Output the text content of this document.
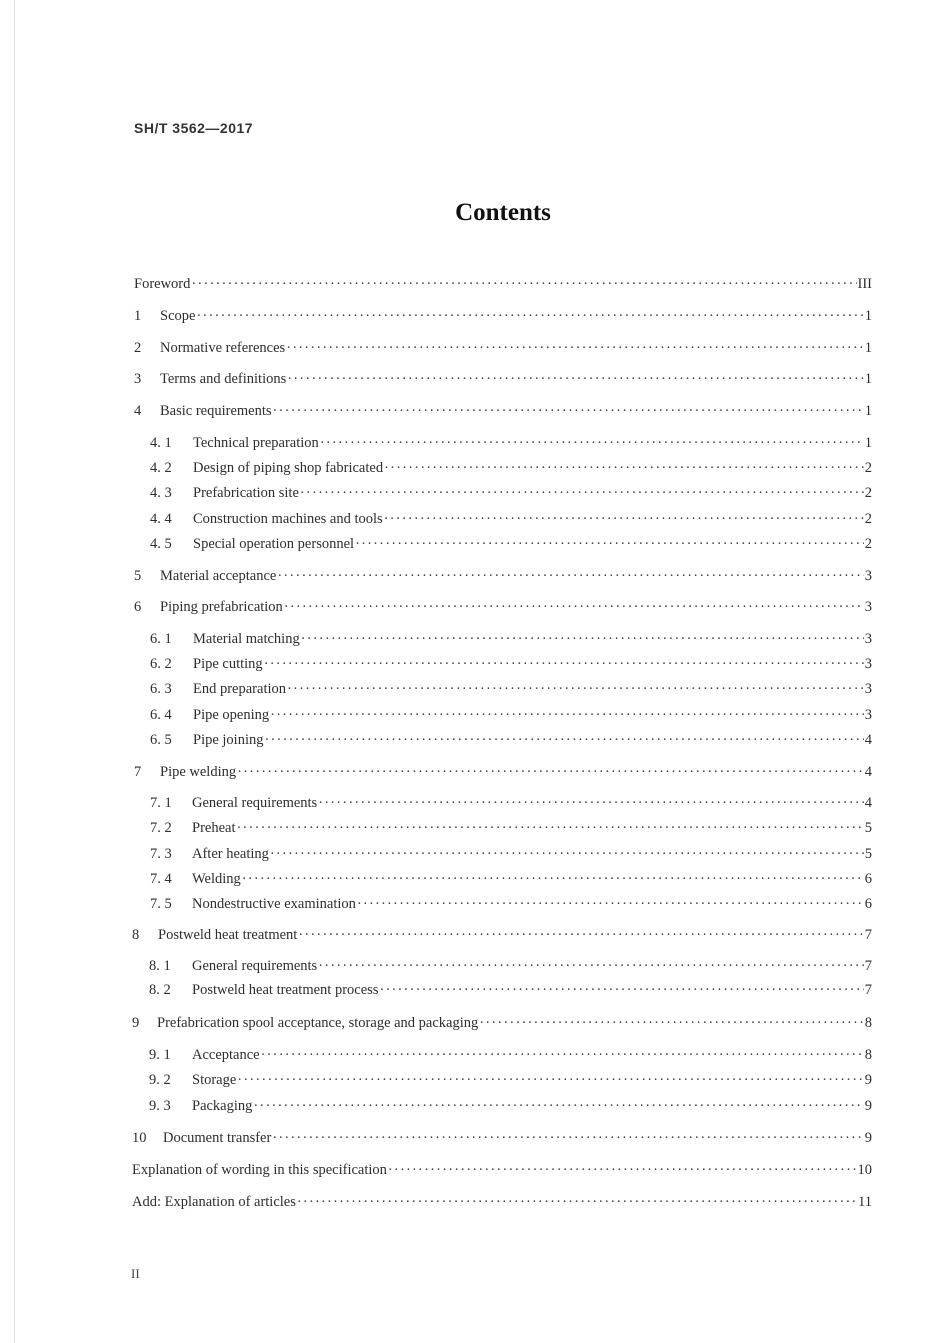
SH/T 3562—2017
Contents
Foreword ·····	III
1	Scope ·····	1
2	Normative references ·····	1
3	Terms and definitions ·····	1
4	Basic requirements ·····	1
4. 1	Technical preparation ·····	1
4. 2	Design of piping shop fabricated ·····	2
4. 3	Prefabrication site ·····	2
4. 4	Construction machines and tools ·····	2
4. 5	Special operation personnel ·····	2
5	Material acceptance ·····	3
6	Piping prefabrication ·····	3
6. 1	Material matching ·····	3
6. 2	Pipe cutting ·····	3
6. 3	End preparation ·····	3
6. 4	Pipe opening ·····	3
6. 5	Pipe joining ·····	4
7	Pipe welding ·····	4
7. 1	General requirements ·····	4
7. 2	Preheat ·····	5
7. 3	After heating ·····	5
7. 4	Welding ·····	6
7. 5	Nondestructive examination ·····	6
8	Postweld heat treatment ·····	7
8. 1	General requirements ·····	7
8. 2	Postweld heat treatment process ·····	7
9	Prefabrication spool acceptance, storage and packaging ·····	8
9. 1	Acceptance ·····	8
9. 2	Storage ·····	9
9. 3	Packaging ·····	9
10	Document transfer ·····	9
Explanation of wording in this specification ·····	10
Add: Explanation of articles ·····	11
II
